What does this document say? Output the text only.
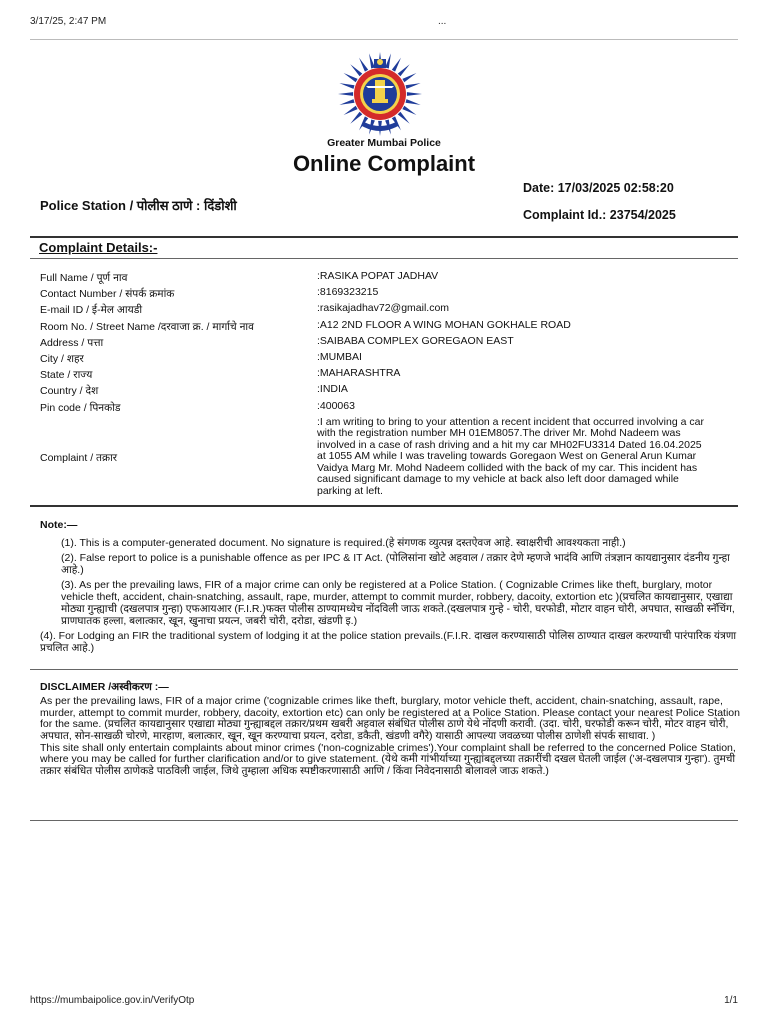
3/17/25, 2:47 PM	...
Greater Mumbai Police
Online Complaint
Police Station / पोलीस ठाणे : दिंडोशी
Date: 17/03/2025 02:58:20
Complaint Id.: 23754/2025
Complaint Details:-
Full Name / पूर्ण नाव	:RASIKA POPAT JADHAV
Contact Number / संपर्क क्रमांक	:8169323215
E-mail ID / ई-मेल आयडी	:rasikajadhav72@gmail.com
Room No. / Street Name /दरवाजा क्र. / मार्गाचे नाव	:A12 2ND FLOOR A WING MOHAN GOKHALE ROAD
Address / पत्ता	:SAIBABA COMPLEX GOREGAON EAST
City / शहर	:MUMBAI
State / राज्य	:MAHARASHTRA
Country / देश	:INDIA
Pin code / पिनकोड	:400063
Complaint / तक्रार
:I am writing to bring to your attention a recent incident that occurred involving a car
with the registration number MH 01EM8057.The driver Mr. Mohd Nadeem was
involved in a case of rash driving and a hit my car MH02FU3314 Dated 16.04.2025
at 1055 AM while I was traveling towards Goregaon West on General Arun Kumar
Vaidya Marg Mr. Mohd Nadeem collided with the back of my car. This incident has
caused significant damage to my vehicle at back also left door damaged while
parking at left.
Note:—

(1). This is a computer-generated document. No signature is required.(हे संगणक व्युत्पन्न दस्तऐवज आहे. स्वाक्षरीची आवश्यकता नाही.)

(2). False report to police is a punishable offence as per IPC & IT Act. (पोलिसांना खोटे अहवाल / तक्रार देणे म्हणजे भादंवि आणि तंत्रज्ञान कायद्यानुसार दंडनीय गुन्हा आहे.)

(3). As per the prevailing laws, FIR of a major crime can only be registered at a Police Station. ( Cognizable Crimes like theft, burglary, motor vehicle theft, accident, chain-snatching, assault, rape, murder, attempt to commit murder, robbery, dacoity, extortion etc )(प्रचलित कायद्यानुसार, एखाद्या मोठ्या गुन्ह्याची (दखलपात्र गुन्हा) एफआयआर (F.I.R.)फक्त पोलीस ठाण्यामध्येच नोंदविली जाऊ शकते.(दखलपात्र गुन्हे - चोरी, घरफोडी, मोटार वाहन चोरी, अपघात, साखळी स्नॅचिंग, प्राणघातक हल्ला, बलात्कार, खून, खुनाचा प्रयत्न, जबरी चोरी, दरोडा, खंडणी इ.)

(4). For Lodging an FIR the traditional system of lodging it at the police station prevails.(F.I.R. दाखल करण्यासाठी पोलिस ठाण्यात दाखल करण्याची पारंपारिक यंत्रणा प्रचलित आहे.)

DISCLAIMER /अस्वीकरण :—

As per the prevailing laws, FIR of a major crime ('cognizable crimes like theft, burglary, motor vehicle theft, accident, chain-snatching, assault, rape, murder, attempt to commit murder, robbery, dacoity, extortion etc) can only be registered at a Police Station. Please contact your nearest Police Station for the same. (प्रचलित कायद्यानुसार एखाद्या मोठ्या गुन्ह्याबद्दल तक्रार/प्रथम खबरी अहवाल संबंधित पोलीस ठाणे येथे नोंदणी करावी. (उदा. चोरी, घरफोडी करून चोरी, मोटर वाहन चोरी, अपघात, सोन-साखळी चोरणे, मारहाण, बलात्कार, खून, खून करण्याचा प्रयत्न, दरोडा, डकैती, खंडणी वगैरे) यासाठी आपल्या जवळच्या पोलीस ठाणेशी संपर्क साधावा. )

This site shall only entertain complaints about minor crimes ('non-cognizable crimes').Your complaint shall be referred to the concerned Police Station, where you may be called for further clarification and/or to give statement. (येथे कमी गांभीर्याच्या गुन्ह्यांबद्दलच्या तक्रारींची दखल घेतली जाईल ('अ-दखलपात्र गुन्हा'). तुमची तक्रार संबंधित पोलीस ठाणेकडे पाठविली जाईल, जिथे तुम्हाला अधिक स्पष्टीकरणासाठी आणि / किंवा निवेदनासाठी बोलावले जाऊ शकते.)

https://mumbaipolice.gov.in/VerifyOtp	1/1
